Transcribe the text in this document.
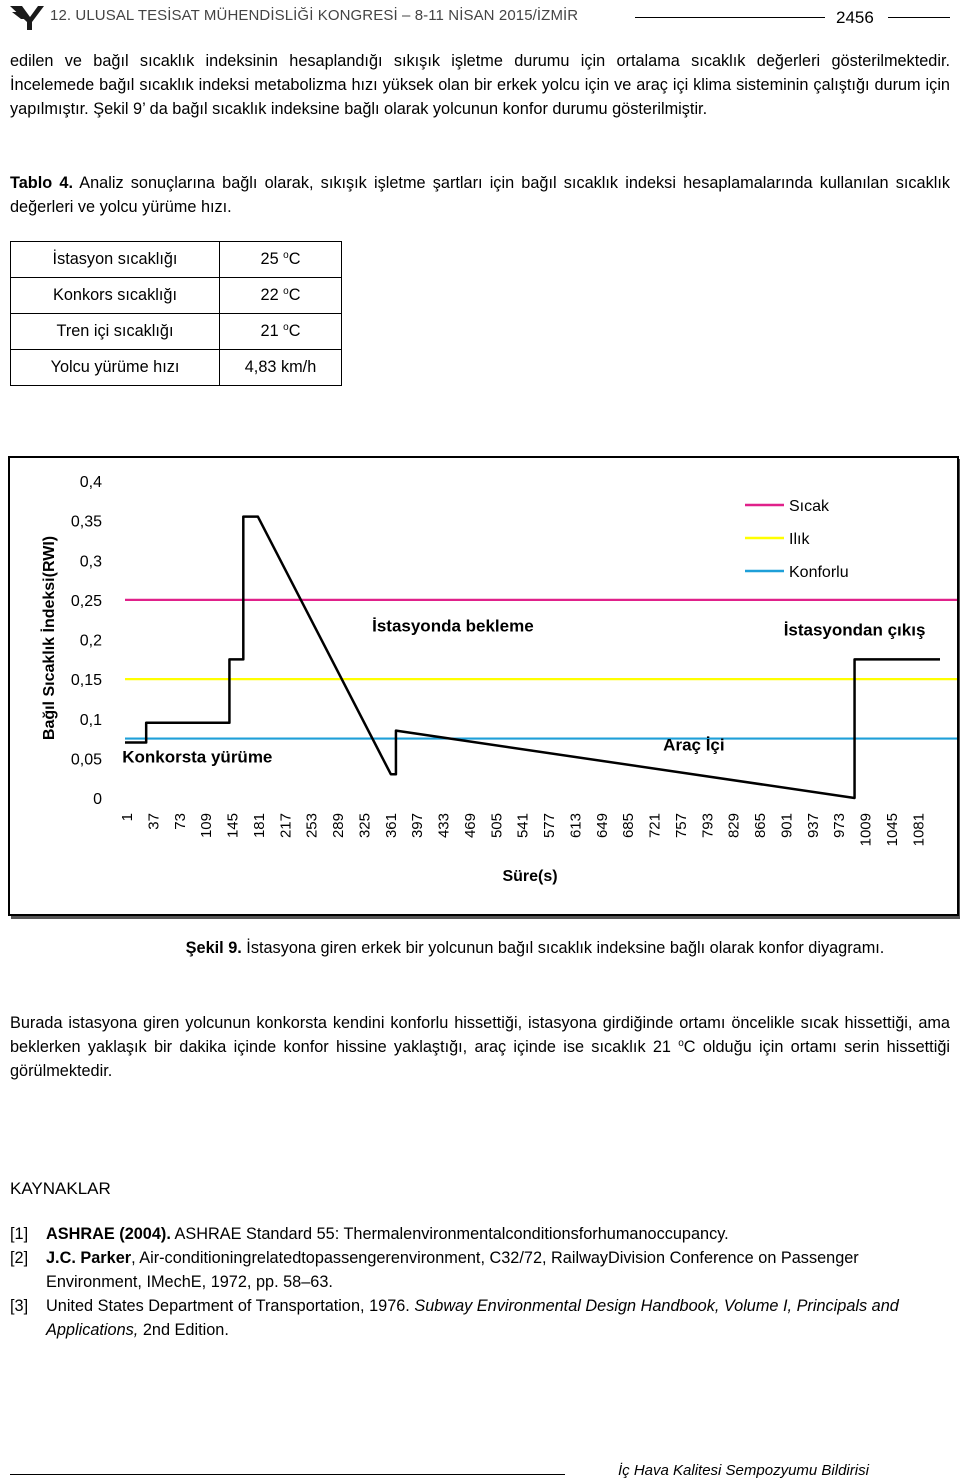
12. ULUSAL TESİSAT MÜHENDİSLİĞİ KONGRESİ – 8-11 NİSAN 2015/İZMİR	2456

edilen ve bağıl sıcaklık indeksinin hesaplandığı sıkışık işletme durumu için ortalama sıcaklık değerleri gösterilmektedir. İncelemede bağıl sıcaklık indeksi metabolizma hızı yüksek olan bir erkek yolcu için ve araç içi klima sisteminin çalıştığı durum için yapılmıştır. Şekil 9’ da bağıl sıcaklık indeksine bağlı olarak yolcunun konfor durumu gösterilmiştir.

Tablo 4. Analiz sonuçlarına bağlı olarak, sıkışık işletme şartları için bağıl sıcaklık indeksi hesaplamalarında kullanılan sıcaklık değerleri ve yolcu yürüme hızı.

İstasyon sıcaklığı	25 $^o$C
Konkors sıcaklığı	22 $^o$C
Tren içi sıcaklığı	21 $^o$C
Yolcu yürüme hızı	4,83 km/h
0
0,05
0,1
0,15
0,2
0,25
0,3
0,35
0,4
1 37 73 109 145 181 217 253 289 325 361 397 433 469 505 541 577 613 649 685 721 757 793 829 865 901 937 973 1009 1045 1081
Bağıl Sıcaklık İndeksi(RWI)
Süre(s)
İstasyonda bekleme	İstasyondan çıkış
Konkorsta yürüme
Araç İçi
Sıcak
Ilık
Konforlu
Şekil 9. İstasyona giren erkek bir yolcunun bağıl sıcaklık indeksine bağlı olarak konfor diyagramı.

Burada istasyona giren yolcunun konkorsta kendini konforlu hissettiği, istasyona girdiğinde ortamı öncelikle sıcak hissettiği, ama beklerken yaklaşık bir dakika içinde konfor hissine yaklaştığı, araç içinde ise sıcaklık 21 $^o$C olduğu için ortamı serin hissettiği görülmektedir.

KAYNAKLAR
[1] ASHRAE (2004). ASHRAE Standard 55: Thermalenvironmentalconditionsforhumanoccupancy.
[2] J.C. Parker, Air-conditioningrelatedtopassengerenvironment, C32/72, RailwayDivision Conference on Passenger Environment, IMechE, 1972, pp. 58–63.
[3] United States Department of Transportation, 1976. Subway Environmental Design Handbook, Volume I, Principals and Applications, 2nd Edition.
İç Hava Kalitesi Sempozyumu Bildirisi
